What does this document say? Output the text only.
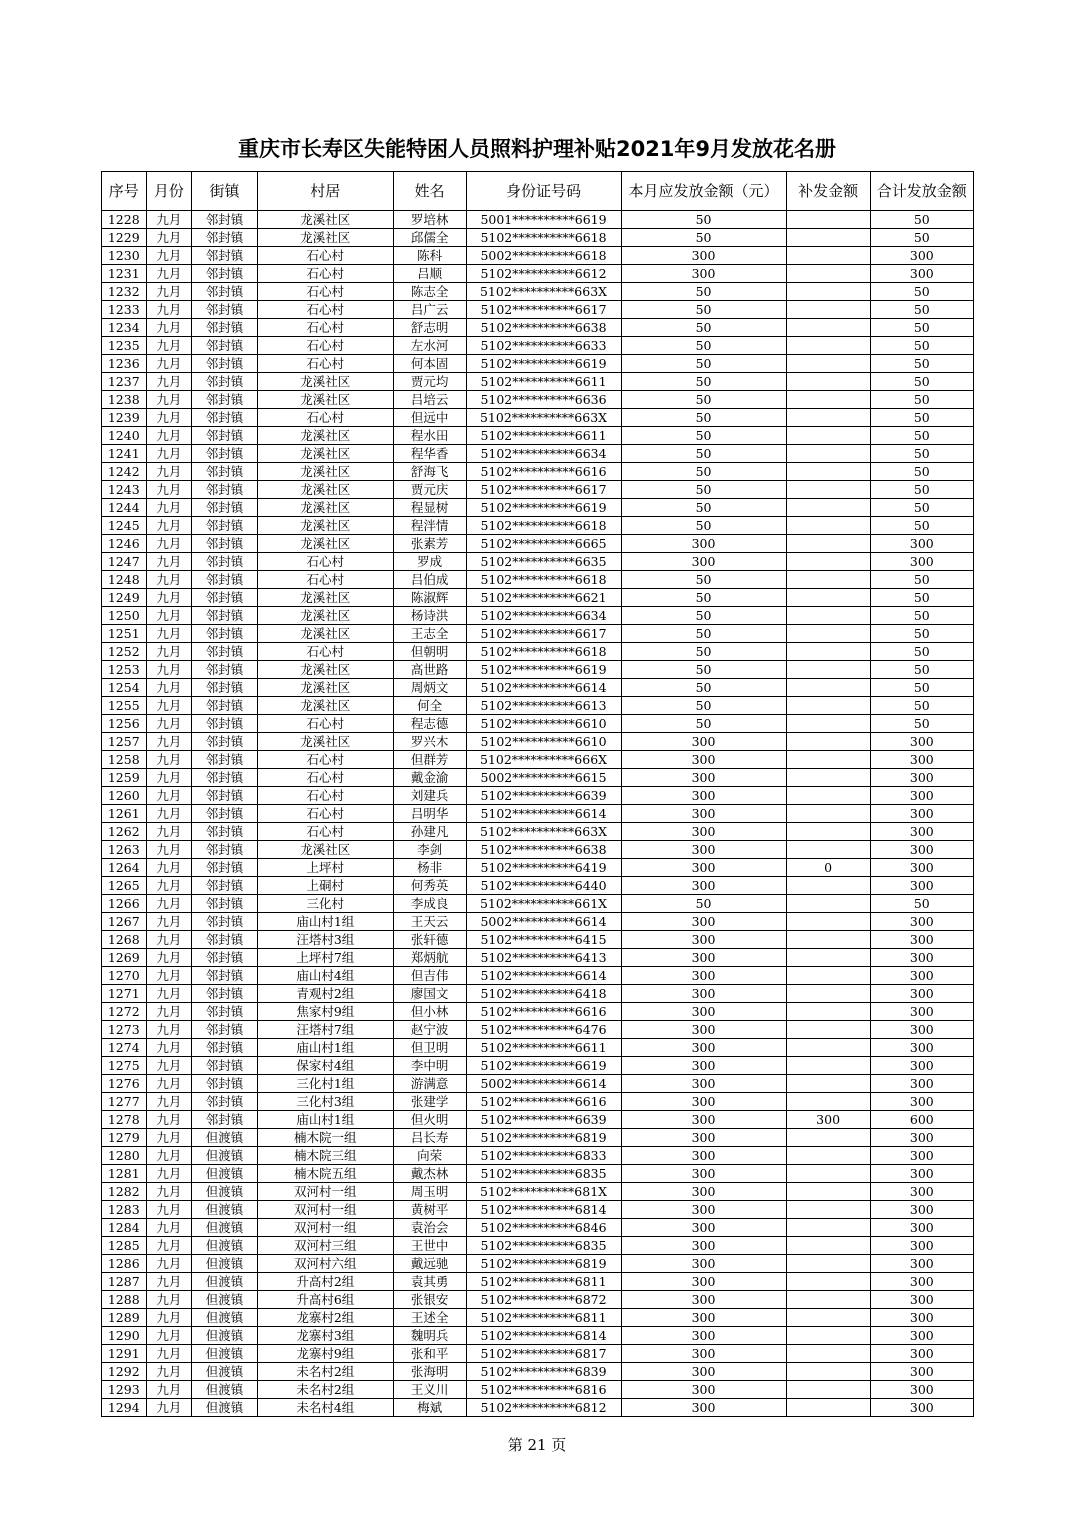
重庆市长寿区失能特困人员照料护理补贴2021年9月发放花名册
序号	月份	街镇	村居	姓名	身份证号码	本月应发放金额（元）	补发金额	合计发放金额
1228	九月	邻封镇	龙溪社区	罗培林	5001**********6619	50		50
1229	九月	邻封镇	龙溪社区	邱儒全	5102**********6618	50		50
1230	九月	邻封镇	石心村	陈科	5002**********6618	300		300
1231	九月	邻封镇	石心村	吕顺	5102**********6612	300		300
1232	九月	邻封镇	石心村	陈志全	5102**********663X	50		50
1233	九月	邻封镇	石心村	吕广云	5102**********6617	50		50
1234	九月	邻封镇	石心村	舒志明	5102**********6638	50		50
1235	九月	邻封镇	石心村	左水河	5102**********6633	50		50
1236	九月	邻封镇	石心村	何本固	5102**********6619	50		50
1237	九月	邻封镇	龙溪社区	贾元均	5102**********6611	50		50
1238	九月	邻封镇	龙溪社区	吕培云	5102**********6636	50		50
1239	九月	邻封镇	石心村	但远中	5102**********663X	50		50
1240	九月	邻封镇	龙溪社区	程水田	5102**********6611	50		50
1241	九月	邻封镇	龙溪社区	程华香	5102**********6634	50		50
1242	九月	邻封镇	龙溪社区	舒海飞	5102**********6616	50		50
1243	九月	邻封镇	龙溪社区	贾元庆	5102**********6617	50		50
1244	九月	邻封镇	龙溪社区	程显树	5102**********6619	50		50
1245	九月	邻封镇	龙溪社区	程泮情	5102**********6618	50		50
1246	九月	邻封镇	龙溪社区	张素芳	5102**********6665	300		300
1247	九月	邻封镇	石心村	罗成	5102**********6635	300		300
1248	九月	邻封镇	石心村	吕伯成	5102**********6618	50		50
1249	九月	邻封镇	龙溪社区	陈淑辉	5102**********6621	50		50
1250	九月	邻封镇	龙溪社区	杨诗洪	5102**********6634	50		50
1251	九月	邻封镇	龙溪社区	王志全	5102**********6617	50		50
1252	九月	邻封镇	石心村	但朝明	5102**********6618	50		50
1253	九月	邻封镇	龙溪社区	高世路	5102**********6619	50		50
1254	九月	邻封镇	龙溪社区	周炳文	5102**********6614	50		50
1255	九月	邻封镇	龙溪社区	何全	5102**********6613	50		50
1256	九月	邻封镇	石心村	程志德	5102**********6610	50		50
1257	九月	邻封镇	龙溪社区	罗兴木	5102**********6610	300		300
1258	九月	邻封镇	石心村	但群芳	5102**********666X	300		300
1259	九月	邻封镇	石心村	戴金渝	5002**********6615	300		300
1260	九月	邻封镇	石心村	刘建兵	5102**********6639	300		300
1261	九月	邻封镇	石心村	吕明华	5102**********6614	300		300
1262	九月	邻封镇	石心村	孙建凡	5102**********663X	300		300
1263	九月	邻封镇	龙溪社区	李剑	5102**********6638	300		300
1264	九月	邻封镇	上坪村	杨非	5102**********6419	300	0	300
1265	九月	邻封镇	上硐村	何秀英	5102**********6440	300		300
1266	九月	邻封镇	三化村	李成良	5102**********661X	50		50
1267	九月	邻封镇	庙山村1组	王天云	5002**********6614	300		300
1268	九月	邻封镇	汪塔村3组	张轩德	5102**********6415	300		300
1269	九月	邻封镇	上坪村7组	郑炳航	5102**********6413	300		300
1270	九月	邻封镇	庙山村4组	但吉伟	5102**********6614	300		300
1271	九月	邻封镇	青观村2组	廖国文	5102**********6418	300		300
1272	九月	邻封镇	焦家村9组	但小林	5102**********6616	300		300
1273	九月	邻封镇	汪塔村7组	赵宁波	5102**********6476	300		300
1274	九月	邻封镇	庙山村1组	但卫明	5102**********6611	300		300
1275	九月	邻封镇	保家村4组	李中明	5102**********6619	300		300
1276	九月	邻封镇	三化村1组	游满意	5002**********6614	300		300
1277	九月	邻封镇	三化村3组	张建学	5102**********6616	300		300
1278	九月	邻封镇	庙山村1组	但火明	5102**********6639	300	300	600
1279	九月	但渡镇	楠木院一组	吕长寿	5102**********6819	300		300
1280	九月	但渡镇	楠木院三组	向荣	5102**********6833	300		300
1281	九月	但渡镇	楠木院五组	戴杰林	5102**********6835	300		300
1282	九月	但渡镇	双河村一组	周玉明	5102**********681X	300		300
1283	九月	但渡镇	双河村一组	黄树平	5102**********6814	300		300
1284	九月	但渡镇	双河村一组	袁治会	5102**********6846	300		300
1285	九月	但渡镇	双河村三组	王世中	5102**********6835	300		300
1286	九月	但渡镇	双河村六组	戴远驰	5102**********6819	300		300
1287	九月	但渡镇	升高村2组	袁其勇	5102**********6811	300		300
1288	九月	但渡镇	升高村6组	张银安	5102**********6872	300		300
1289	九月	但渡镇	龙寨村2组	王述全	5102**********6811	300		300
1290	九月	但渡镇	龙寨村3组	魏明兵	5102**********6814	300		300
1291	九月	但渡镇	龙寨村9组	张和平	5102**********6817	300		300
1292	九月	但渡镇	未名村2组	张海明	5102**********6839	300		300
1293	九月	但渡镇	未名村2组	王义川	5102**********6816	300		300
1294	九月	但渡镇	未名村4组	梅斌	5102**********6812	300		300
第 21 页
